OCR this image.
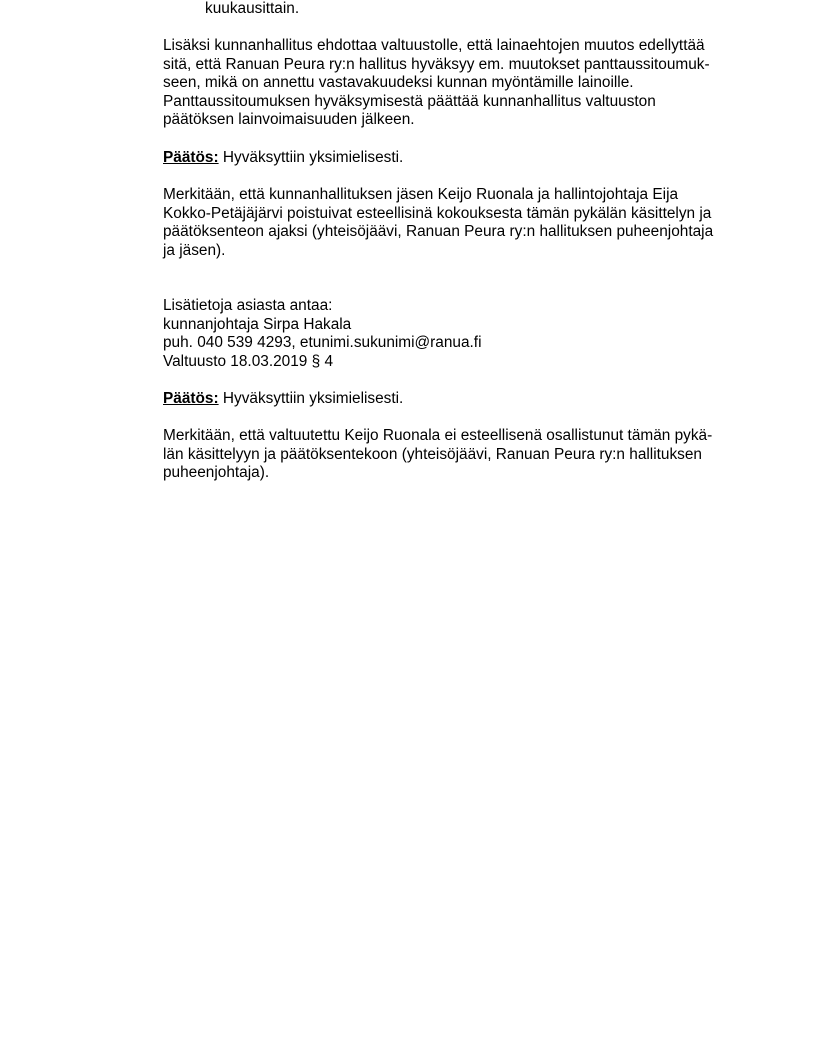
kuukausittain.

Lisäksi kunnanhallitus ehdottaa valtuustolle, että lainaehtojen muutos edellyttää
sitä, että Ranuan Peura ry:n hallitus hyväksyy em. muutokset panttaussitoumuk-
seen, mikä on annettu vastavakuudeksi kunnan myöntämille lainoille.
Panttaussitoumuksen hyväksymisestä päättää kunnanhallitus valtuuston
päätöksen lainvoimaisuuden jälkeen.

Päätös: Hyväksyttiin yksimielisesti.

Merkitään, että kunnanhallituksen jäsen Keijo Ruonala ja hallintojohtaja Eija
Kokko-Petäjäjärvi poistuivat esteellisinä kokouksesta tämän pykälän käsittelyn ja
päätöksenteon ajaksi (yhteisöjäävi, Ranuan Peura ry:n hallituksen puheenjohtaja
ja jäsen).

Lisätietoja asiasta antaa:
kunnanjohtaja Sirpa Hakala
puh. 040 539 4293, etunimi.sukunimi@ranua.fi
Valtuusto 18.03.2019 § 4

Päätös: Hyväksyttiin yksimielisesti.

Merkitään, että valtuutettu Keijo Ruonala ei esteellisenä osallistunut tämän pykä-
län käsittelyyn ja päätöksentekoon (yhteisöjäävi, Ranuan Peura ry:n hallituksen
puheenjohtaja).
